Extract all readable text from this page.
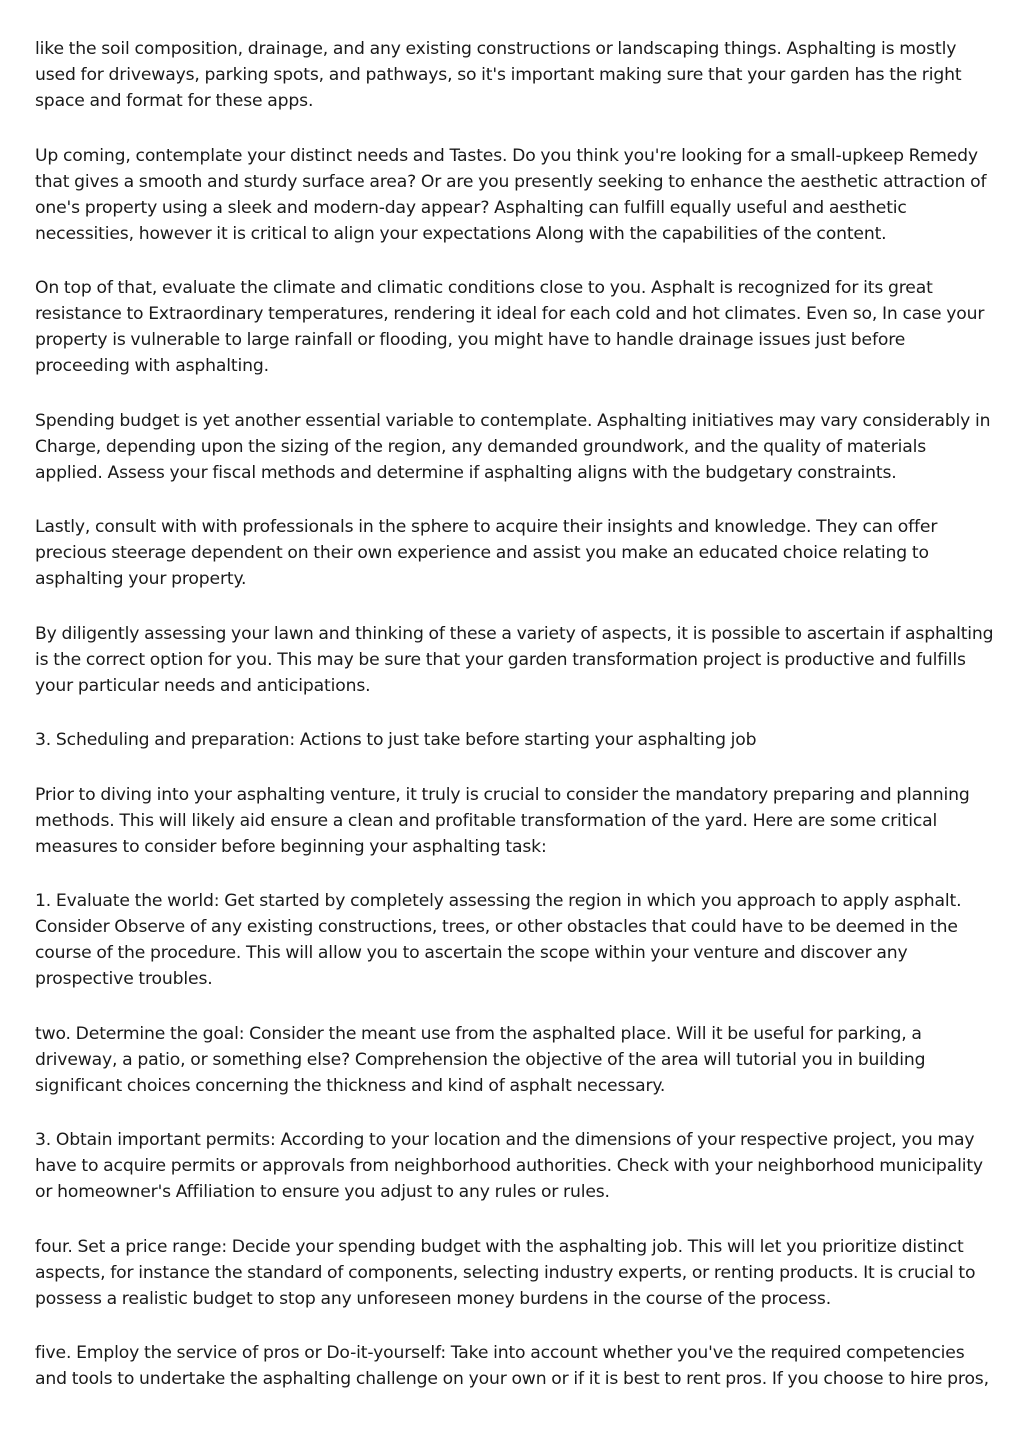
like the soil composition, drainage, and any existing constructions or landscaping things. Asphalting is mostly used for driveways, parking spots, and pathways, so it's important making sure that your garden has the right space and format for these apps.

Up coming, contemplate your distinct needs and Tastes. Do you think you're looking for a small-upkeep Remedy that gives a smooth and sturdy surface area? Or are you presently seeking to enhance the aesthetic attraction of one's property using a sleek and modern-day appear? Asphalting can fulfill equally useful and aesthetic necessities, however it is critical to align your expectations Along with the capabilities of the content.

On top of that, evaluate the climate and climatic conditions close to you. Asphalt is recognized for its great resistance to Extraordinary temperatures, rendering it ideal for each cold and hot climates. Even so, In case your property is vulnerable to large rainfall or flooding, you might have to handle drainage issues just before proceeding with asphalting.

Spending budget is yet another essential variable to contemplate. Asphalting initiatives may vary considerably in Charge, depending upon the sizing of the region, any demanded groundwork, and the quality of materials applied. Assess your fiscal methods and determine if asphalting aligns with the budgetary constraints.

Lastly, consult with with professionals in the sphere to acquire their insights and knowledge. They can offer precious steerage dependent on their own experience and assist you make an educated choice relating to asphalting your property.

By diligently assessing your lawn and thinking of these a variety of aspects, it is possible to ascertain if asphalting is the correct option for you. This may be sure that your garden transformation project is productive and fulfills your particular needs and anticipations.

3. Scheduling and preparation: Actions to just take before starting your asphalting job

Prior to diving into your asphalting venture, it truly is crucial to consider the mandatory preparing and planning methods. This will likely aid ensure a clean and profitable transformation of the yard. Here are some critical measures to consider before beginning your asphalting task:

1. Evaluate the world: Get started by completely assessing the region in which you approach to apply asphalt. Consider Observe of any existing constructions, trees, or other obstacles that could have to be deemed in the course of the procedure. This will allow you to ascertain the scope within your venture and discover any prospective troubles.

two. Determine the goal: Consider the meant use from the asphalted place. Will it be useful for parking, a driveway, a patio, or something else? Comprehension the objective of the area will tutorial you in building significant choices concerning the thickness and kind of asphalt necessary.

3. Obtain important permits: According to your location and the dimensions of your respective project, you may have to acquire permits or approvals from neighborhood authorities. Check with your neighborhood municipality or homeowner's Affiliation to ensure you adjust to any rules or rules.

four. Set a price range: Decide your spending budget with the asphalting job. This will let you prioritize distinct aspects, for instance the standard of components, selecting industry experts, or renting products. It is crucial to possess a realistic budget to stop any unforeseen money burdens in the course of the process.

five. Employ the service of pros or Do-it-yourself: Take into account whether you've the required competencies and tools to undertake the asphalting challenge on your own or if it is best to rent pros. If you choose to hire pros,
